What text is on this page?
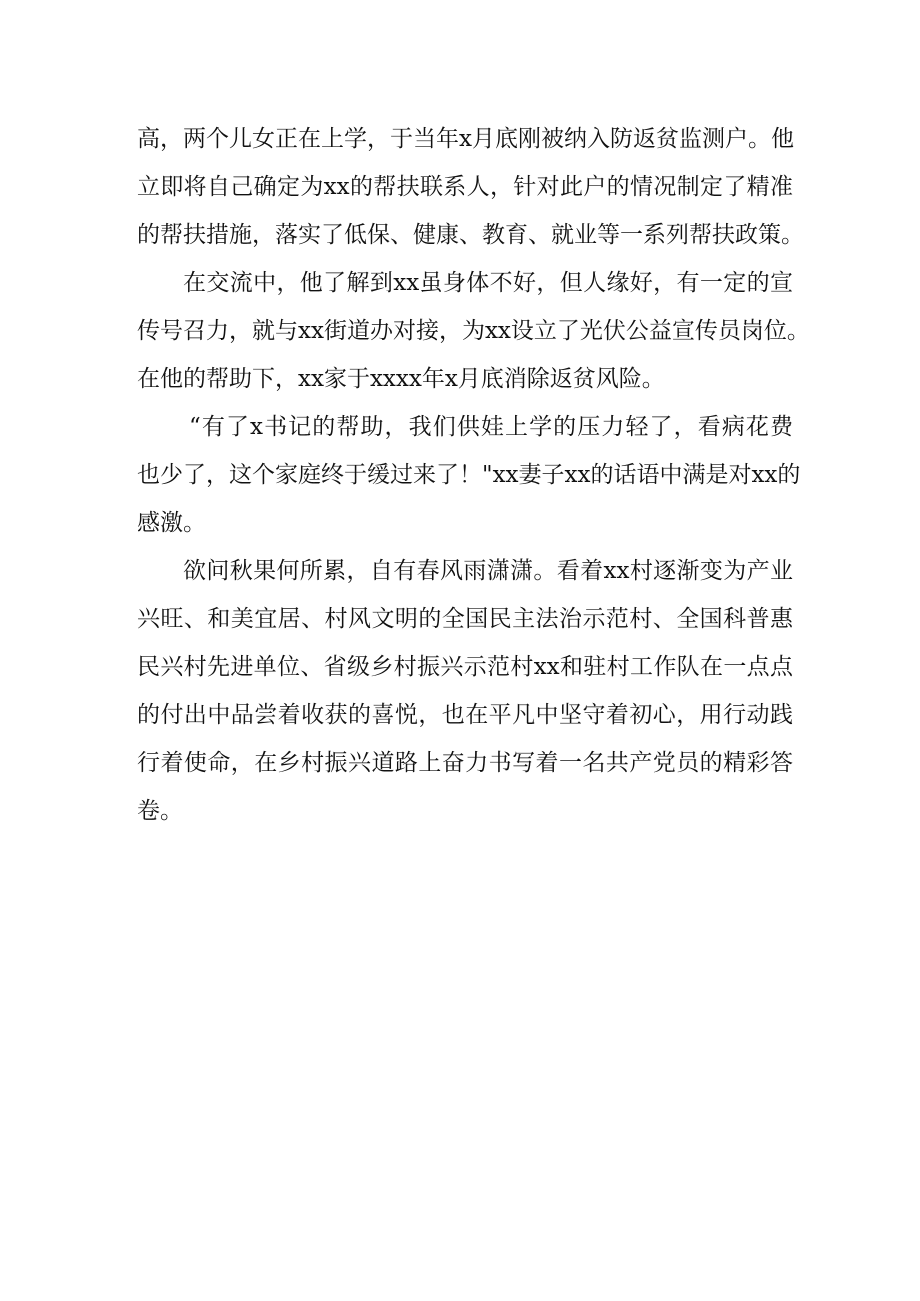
高，两个儿女正在上学，于当年x月底刚被纳入防返贫监测户。他
立即将自己确定为xx的帮扶联系人，针对此户的情况制定了精准
的帮扶措施，落实了低保、健康、教育、就业等一系列帮扶政策。
在交流中，他了解到xx虽身体不好，但人缘好，有一定的宣
传号召力，就与xx街道办对接，为xx设立了光伏公益宣传员岗位。
在他的帮助下，xx家于xxxx年x月底消除返贫风险。
“有了x书记的帮助，我们供娃上学的压力轻了，看病花费
也少了，这个家庭终于缓过来了！"xx妻子xx的话语中满是对xx的
感激。
欲问秋果何所累，自有春风雨潇潇。看着xx村逐渐变为产业
兴旺、和美宜居、村风文明的全国民主法治示范村、全国科普惠
民兴村先进单位、省级乡村振兴示范村xx和驻村工作队在一点点
的付出中品尝着收获的喜悦，也在平凡中坚守着初心，用行动践
行着使命，在乡村振兴道路上奋力书写着一名共产党员的精彩答
卷。
